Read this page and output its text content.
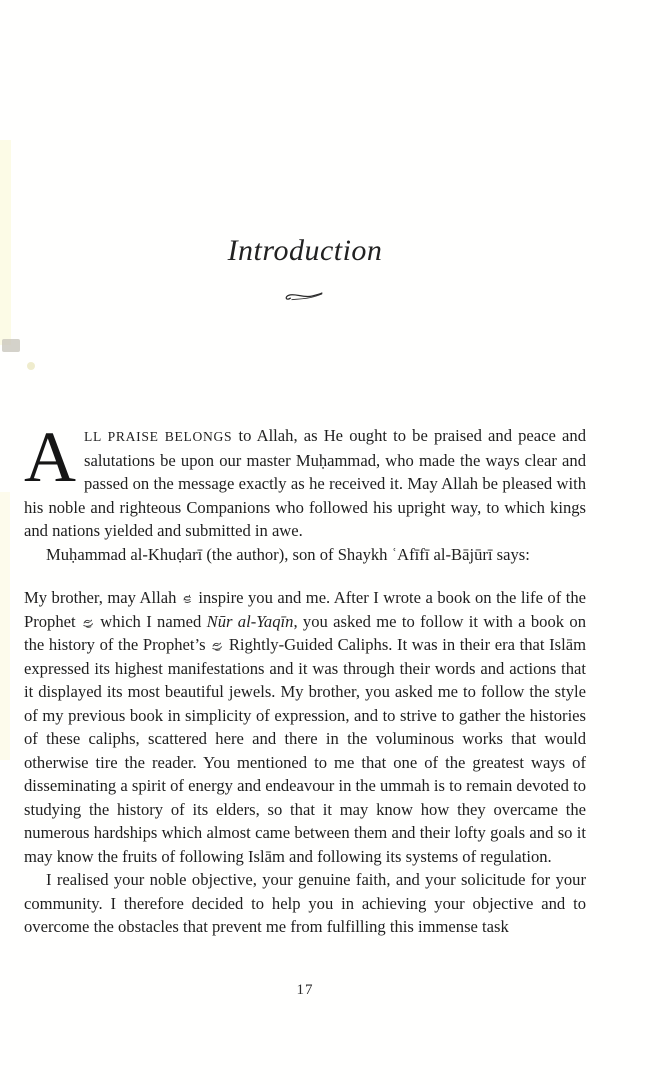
Introduction

ALL PRAISE BELONGS to Allah, as He ought to be praised and peace and salutations be upon our master Muḥammad, who made the ways clear and passed on the message exactly as he received it. May Allah be pleased with his noble and righteous Companions who followed his upright way, to which kings and nations yielded and submitted in awe.

Muḥammad al-Khuḍarī (the author), son of Shaykh ʿAfīfī al-Bājūrī says:

My brother, may Allah  inspire you and me. After I wrote a book on the life of the Prophet  which I named Nūr al-Yaqīn, you asked me to follow it with a book on the history of the Prophet’s  Rightly-Guided Caliphs. It was in their era that Islām expressed its highest manifestations and it was through their words and actions that it displayed its most beautiful jewels. My brother, you asked me to follow the style of my previous book in simplicity of expression, and to strive to gather the histories of these caliphs, scattered here and there in the voluminous works that would otherwise tire the reader. You mentioned to me that one of the greatest ways of disseminating a spirit of energy and endeavour in the ummah is to remain devoted to studying the history of its elders, so that it may know how they overcame the numerous hardships which almost came between them and their lofty goals and so it may know the fruits of following Islām and following its systems of regulation.

I realised your noble objective, your genuine faith, and your solicitude for your community. I therefore decided to help you in achieving your objective and to overcome the obstacles that prevent me from fulfilling this immense task

17
